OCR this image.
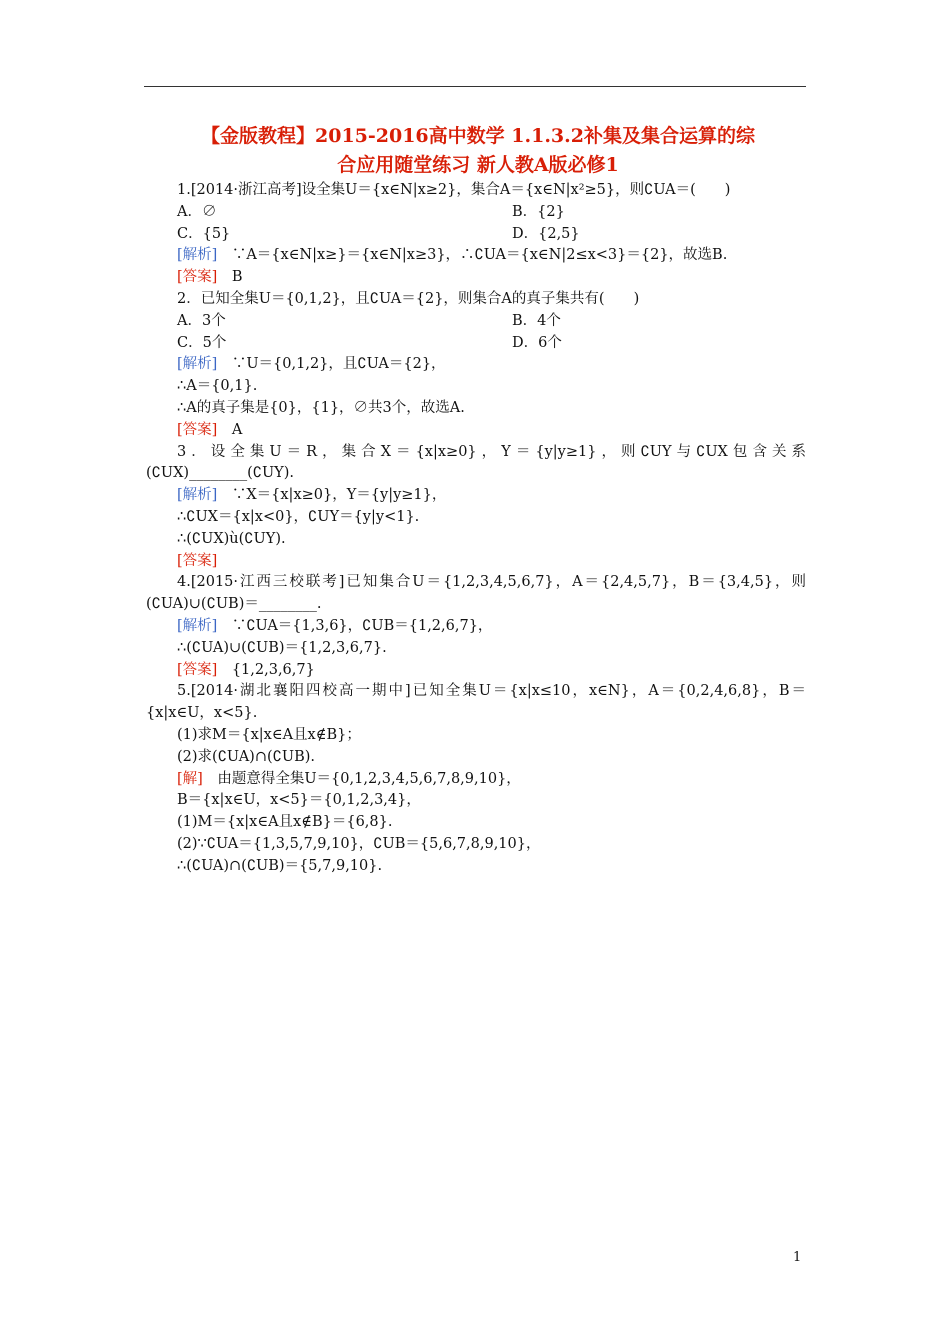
【金版教程】2015-2016高中数学 1.1.3.2补集及集合运算的综
合应用随堂练习 新人教A版必修1
1.[2014·浙江高考]设全集U＝{x∈N|x≥2}，集合A＝{x∈N|x²≥5}，则∁UA＝(　　)
A．∅	B．{2}
C．{5}	D．{2,5}
[解析]　∵A＝{x∈N|x≥}＝{x∈N|x≥3}，∴∁UA＝{x∈N|2≤x<3}＝{2}，故选B.
[答案]　B
2．已知全集U＝{0,1,2}，且∁UA＝{2}，则集合A的真子集共有(　　)
A．3个	B．4个
C．5个	D．6个
[解析]　∵U＝{0,1,2}，且∁UA＝{2}，
∴A＝{0,1}.
∴A的真子集是{0}，{1}，∅共3个，故选A.
[答案]　A
3．设全集U＝R，集合X＝{x|x≥0}，Y＝{y|y≥1}，则∁UY与∁UX包含关系(∁UX)________(∁UY).
[解析]　∵X＝{x|x≥0}，Y＝{y|y≥1}，
∴∁UX＝{x|x<0}，∁UY＝{y|y<1}.
∴(∁UX)ù(∁UY).
[答案]
4.[2015·江西三校联考]已知集合U＝{1,2,3,4,5,6,7}，A＝{2,4,5,7}，B＝{3,4,5}，则(∁UA)∪(∁UB)＝________.
[解析]　∵∁UA＝{1,3,6}，∁UB＝{1,2,6,7}，
∴(∁UA)∪(∁UB)＝{1,2,3,6,7}.
[答案]　{1,2,3,6,7}
5.[2014·湖北襄阳四校高一期中]已知全集U＝{x|x≤10，x∈N}，A＝{0,2,4,6,8}，B＝{x|x∈U，x<5}.
(1)求M＝{x|x∈A且x∉B}；
(2)求(∁UA)∩(∁UB).
[解]　由题意得全集U＝{0,1,2,3,4,5,6,7,8,9,10}，
B＝{x|x∈U，x<5}＝{0,1,2,3,4}，
(1)M＝{x|x∈A且x∉B}＝{6,8}.
(2)∵∁UA＝{1,3,5,7,9,10}，∁UB＝{5,6,7,8,9,10}，
∴(∁UA)∩(∁UB)＝{5,7,9,10}.
1
